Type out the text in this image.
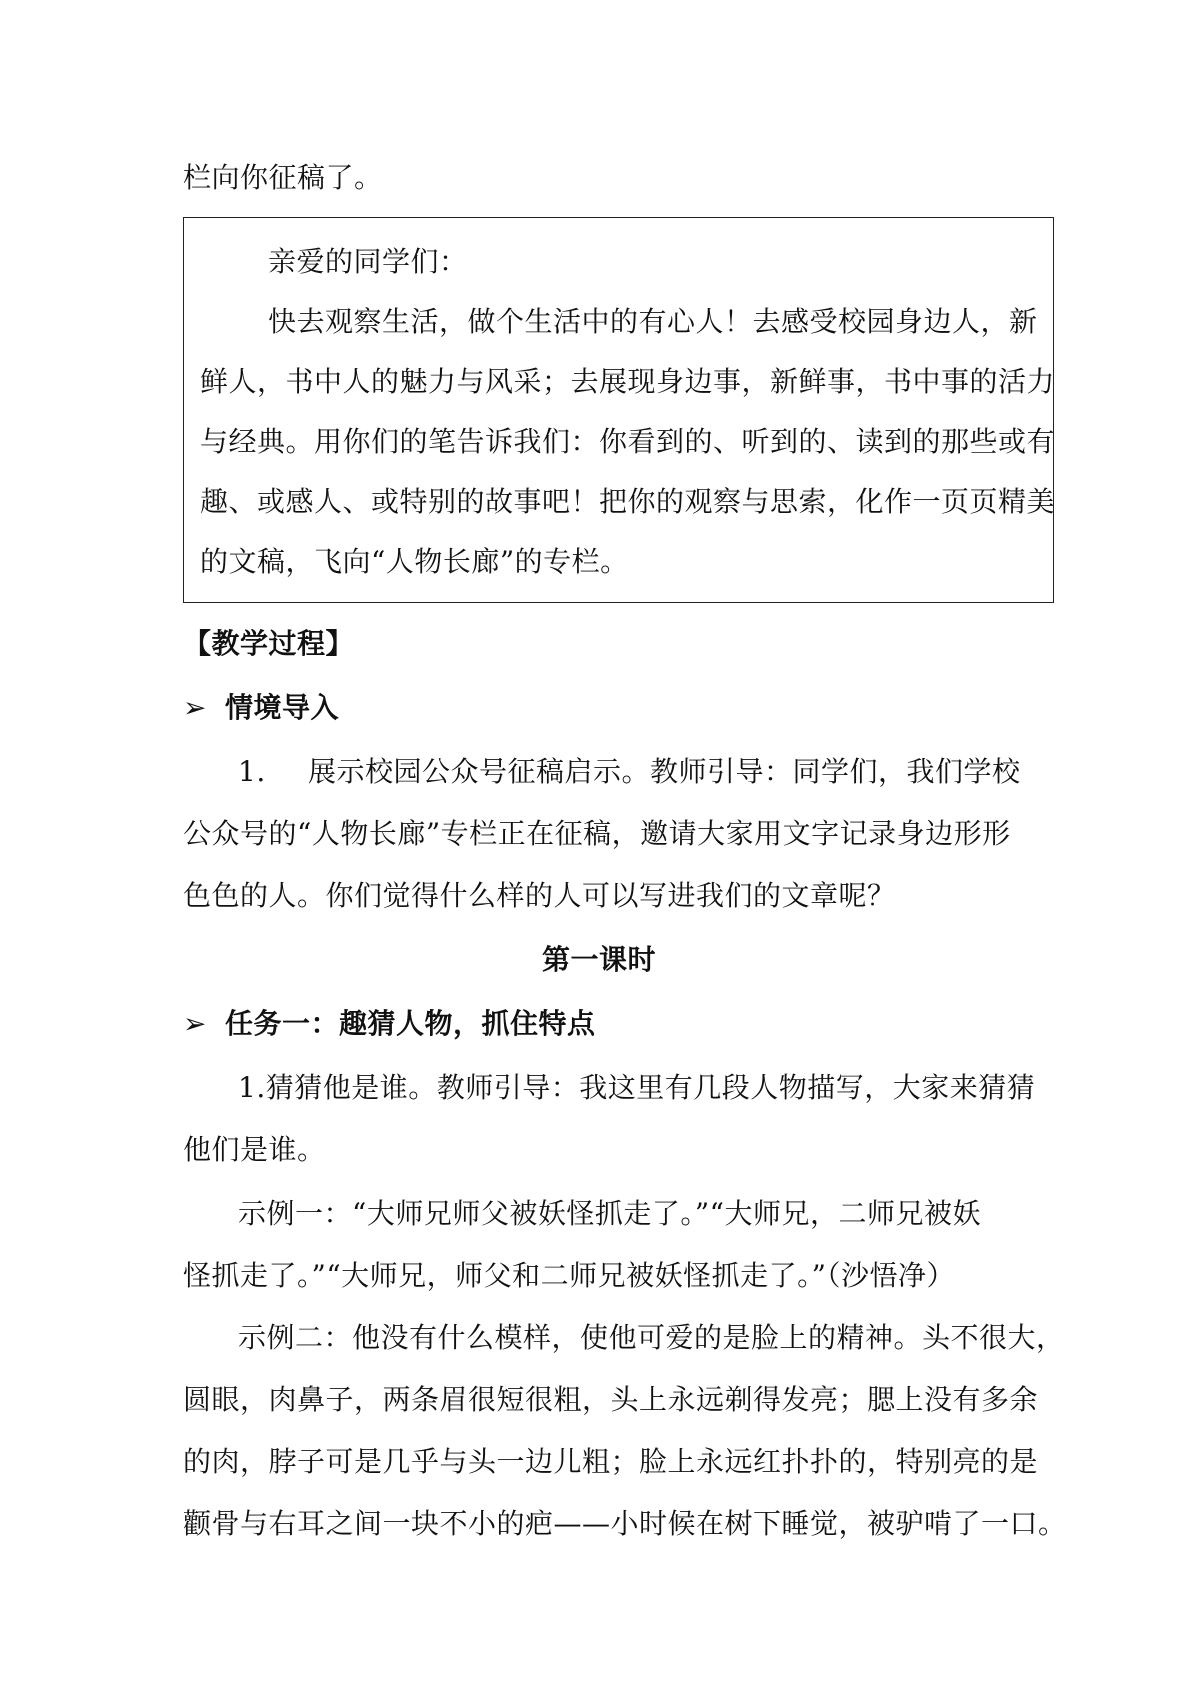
栏向你征稿了。
亲爱的同学们：
快去观察生活，做个生活中的有心人！去感受校园身边人，新
鲜人，书中人的魅力与风采；去展现身边事，新鲜事，书中事的活力
与经典。用你们的笔告诉我们：你看到的、听到的、读到的那些或有
趣、或感人、或特别的故事吧！把你的观察与思索，化作一页页精美
的文稿，飞向“人物长廊”的专栏。
【教学过程】
➢ 情境导入
1. 展示校园公众号征稿启示。教师引导：同学们，我们学校
公众号的“人物长廊”专栏正在征稿，邀请大家用文字记录身边形形
色色的人。你们觉得什么样的人可以写进我们的文章呢？
第一课时
➢ 任务一：趣猜人物，抓住特点
1.猜猜他是谁。教师引导：我这里有几段人物描写，大家来猜猜
他们是谁。
示例一：“大师兄师父被妖怪抓走了。”“大师兄，二师兄被妖
怪抓走了。”“大师兄，师父和二师兄被妖怪抓走了。”（沙悟净）
示例二：他没有什么模样，使他可爱的是脸上的精神。头不很大，
圆眼，肉鼻子，两条眉很短很粗，头上永远剃得发亮；腮上没有多余
的肉，脖子可是几乎与头一边儿粗；脸上永远红扑扑的，特别亮的是
颧骨与右耳之间一块不小的疤——小时候在树下睡觉，被驴啃了一口。
